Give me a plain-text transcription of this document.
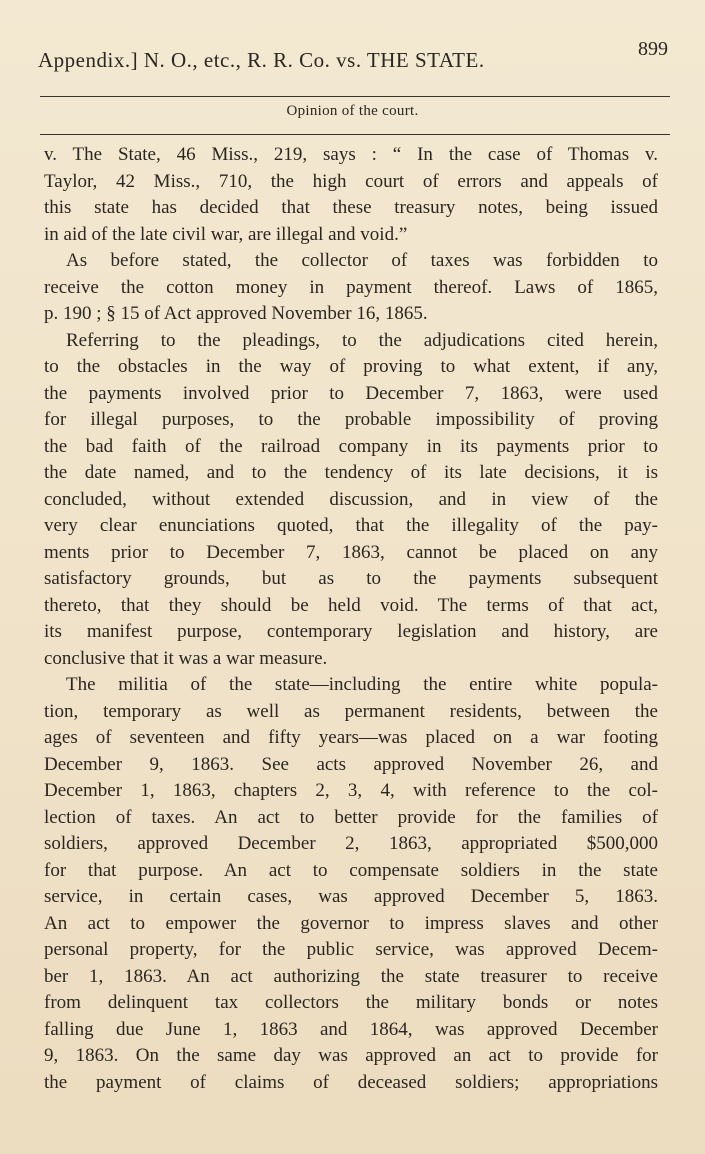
Appendix.] N. O., etc., R. R. Co. vs. THE STATE.	899
Opinion of the court.
v. The State, 46 Miss., 219, says : “ In the case of Thomas v.
Taylor, 42 Miss., 710, the high court of errors and appeals of
this state has decided that these treasury notes, being issued
in aid of the late civil war, are illegal and void.”
As before stated, the collector of taxes was forbidden to
receive the cotton money in payment thereof. Laws of 1865,
p. 190 ; § 15 of Act approved November 16, 1865.
Referring to the pleadings, to the adjudications cited herein,
to the obstacles in the way of proving to what extent, if any,
the payments involved prior to December 7, 1863, were used
for illegal purposes, to the probable impossibility of proving
the bad faith of the railroad company in its payments prior to
the date named, and to the tendency of its late decisions, it is
concluded, without extended discussion, and in view of the
very clear enunciations quoted, that the illegality of the pay-
ments prior to December 7, 1863, cannot be placed on any
satisfactory grounds, but as to the payments subsequent
thereto, that they should be held void. The terms of that act,
its manifest purpose, contemporary legislation and history, are
conclusive that it was a war measure.
The militia of the state—including the entire white popula-
tion, temporary as well as permanent residents, between the
ages of seventeen and fifty years—was placed on a war footing
December 9, 1863. See acts approved November 26, and
December 1, 1863, chapters 2, 3, 4, with reference to the col-
lection of taxes. An act to better provide for the families of
soldiers, approved December 2, 1863, appropriated $500,000
for that purpose. An act to compensate soldiers in the state
service, in certain cases, was approved December 5, 1863.
An act to empower the governor to impress slaves and other
personal property, for the public service, was approved Decem-
ber 1, 1863. An act authorizing the state treasurer to receive
from delinquent tax collectors the military bonds or notes
falling due June 1, 1863 and 1864, was approved December
9, 1863. On the same day was approved an act to provide for
the payment of claims of deceased soldiers; appropriations
